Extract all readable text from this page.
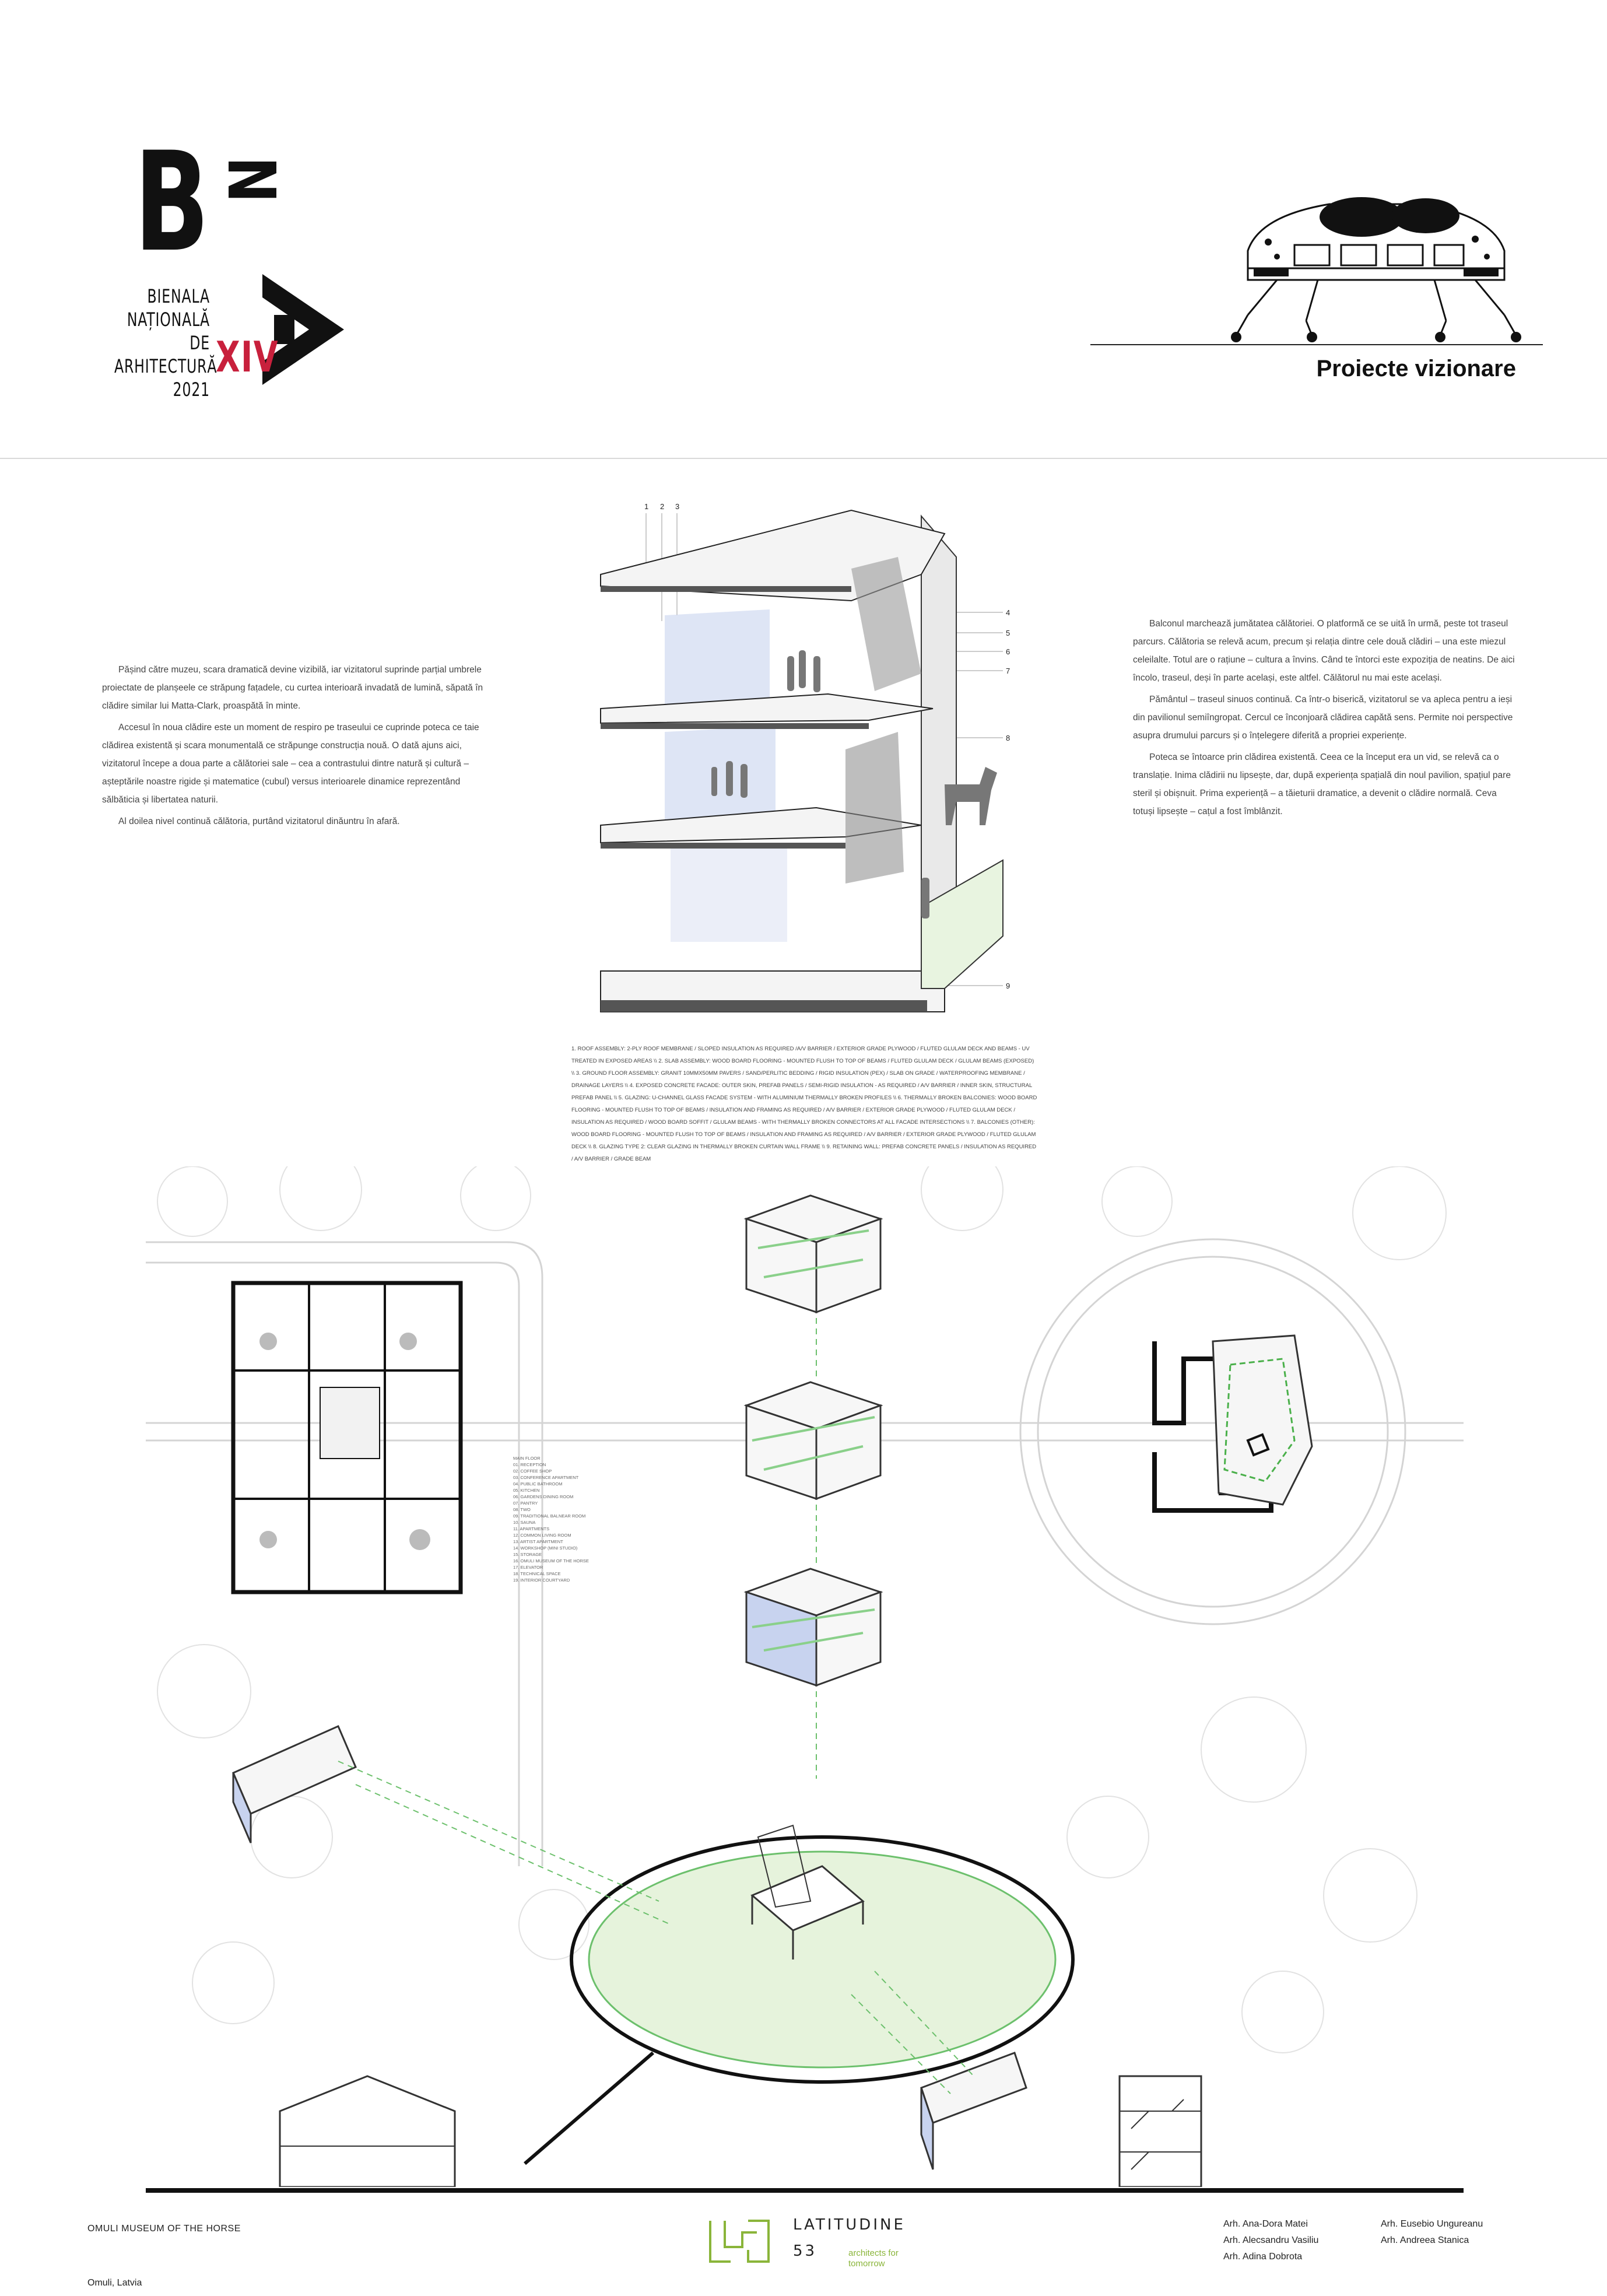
B N
BIENALA
NAȚIONALĂ
DE
ARHITECTURĂ
2021
XIV	Proiecte vizionare

Pășind către muzeu, scara dramatică devine vizibilă, iar vizitatorul suprinde parțial umbrele proiectate de planșeele ce străpung fațadele, cu curtea interioară invadată de lumină, săpată în clădire similar lui Matta-Clark, proaspătă în minte.

Accesul în noua clădire este un moment de respiro pe traseului ce cuprinde poteca ce taie clădirea existentă și scara monumentală ce străpunge construcția nouă. O dată ajuns aici, vizitatorul începe a doua parte a călătoriei sale – cea a contrastului dintre natură și cultură – așteptările noastre rigide și matematice (cubul) versus interioarele dinamice reprezentând sălbăticia și libertatea naturii.

Al doilea nivel continuă călătoria, purtând vizitatorul dinăuntru în afară.

Balconul marchează jumătatea călătoriei. O platformă ce se uită în urmă, peste tot traseul parcurs. Călătoria se relevă acum, precum și relația dintre cele două clădiri – una este miezul celeilalte. Totul are o rațiune – cultura a învins. Când te întorci este expoziția de neatins. De aici încolo, traseul, deși în parte același, este altfel. Călătorul nu mai este același.

Pământul – traseul sinuos continuă. Ca într-o biserică, vizitatorul se va apleca pentru a ieși din pavilionul semiîngropat. Cercul ce înconjoară clădirea capătă sens. Permite noi perspective asupra drumului parcurs și o înțelegere diferită a propriei experiențe.

Poteca se întoarce prin clădirea existentă. Ceea ce la început era un vid, se relevă ca o translație. Inima clădirii nu lipsește, dar, după experiența spațială din noul pavilion, spațiul pare steril și obișnuit. Prima experiență – a tăieturii dramatice, a devenit o clădire normală. Ceva totuși lipsește – cațul a fost îmblânzit.

1 2 3
4
5
6
7
8
9
1. ROOF ASSEMBLY: 2-PLY ROOF MEMBRANE / SLOPED INSULATION AS REQUIRED /A/V BARRIER / EXTERIOR GRADE PLYWOOD / FLUTED GLULAM DECK AND BEAMS - UV TREATED IN EXPOSED AREAS \\ 2. SLAB ASSEMBLY: WOOD BOARD FLOORING - MOUNTED FLUSH TO TOP OF BEAMS / FLUTED GLULAM DECK / GLULAM BEAMS (EXPOSED) \\ 3. GROUND FLOOR ASSEMBLY: GRANIT 10MMX50MM PAVERS / SAND/PERLITIC BEDDING / RIGID INSULATION (PEX) / SLAB ON GRADE / WATERPROOFING MEMBRANE / DRAINAGE LAYERS \\ 4. EXPOSED CONCRETE FACADE: OUTER SKIN, PREFAB PANELS / SEMI-RIGID INSULATION - AS REQUIRED / A/V BARRIER / INNER SKIN, STRUCTURAL PREFAB PANEL \\ 5. GLAZING: U-CHANNEL GLASS FACADE SYSTEM - WITH ALUMINIUM THERMALLY BROKEN PROFILES \\ 6. THERMALLY BROKEN BALCONIES: WOOD BOARD FLOORING - MOUNTED FLUSH TO TOP OF BEAMS / INSULATION AND FRAMING AS REQUIRED / A/V BARRIER / EXTERIOR GRADE PLYWOOD / FLUTED GLULAM DECK / INSULATION AS REQUIRED / WOOD BOARD SOFFIT / GLULAM BEAMS - WITH THERMALLY BROKEN CONNECTORS AT ALL FACADE INTERSECTIONS \\ 7. BALCONIES (OTHER): WOOD BOARD FLOORING - MOUNTED FLUSH TO TOP OF BEAMS / INSULATION AND FRAMING AS REQUIRED / A/V BARRIER / EXTERIOR GRADE PLYWOOD / FLUTED GLULAM DECK \\ 8. GLAZING TYPE 2: CLEAR GLAZING IN THERMALLY BROKEN CURTAIN WALL FRAME \\ 9. RETAINING WALL: PREFAB CONCRETE PANELS / INSULATION AS REQUIRED / A/V BARRIER / GRADE BEAM
MAIN FLOOR
01. RECEPTION
02. COFFEE SHOP
03. CONFERENCE APARTMENT
04. PUBLIC BATHROOM
05. KITCHEN
06. GARDENS DINING ROOM
07. PANTRY
08. TWO
09. TRADITIONAL BALNEAR ROOM
10. SAUNA
11. APARTMENTS
12. COMMON LIVING ROOM
13. ARTIST APARTMENT
14. WORKSHOP (MINI STUDIO)
15. STORAGE
16. OMULI MUSEUM OF THE HORSE
17. ELEVATOR
18. TECHNICAL SPACE
19. INTERIOR COURTYARD
OMULI MUSEUM OF THE HORSE
Omuli, Latvia
LATITUDINE
53	architects for tomorrow
Arh. Ana-Dora Matei
Arh. Alecsandru Vasiliu
Arh. Adina Dobrota
Arh. Eusebio Ungureanu
Arh. Andreea Stanica
